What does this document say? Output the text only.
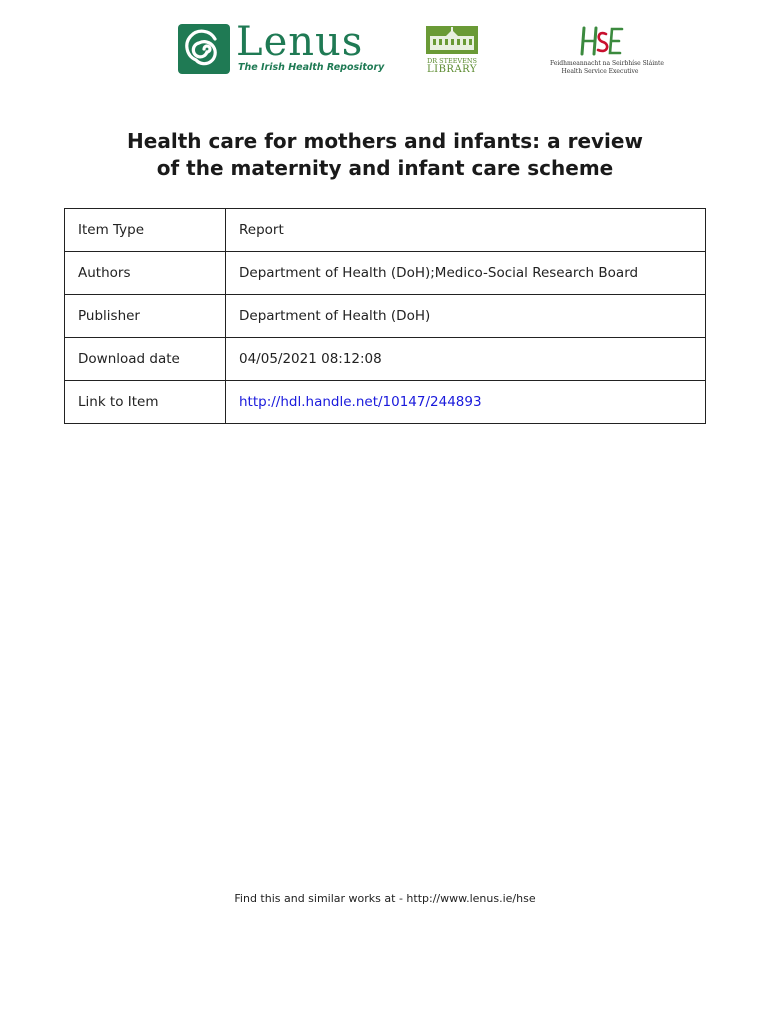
Lenus
The Irish Health Repository
DR STEEVENS
LIBRARY
Feidhmeannacht na Seirbhíse Sláinte
Health Service Executive
Health care for mothers and infants: a review
of the maternity and infant care scheme
Item Type	Report
Authors	Department of Health (DoH);Medico-Social Research Board
Publisher	Department of Health (DoH)
Download date	04/05/2021 08:12:08
Link to Item	http://hdl.handle.net/10147/244893
Find this and similar works at - http://www.lenus.ie/hse
